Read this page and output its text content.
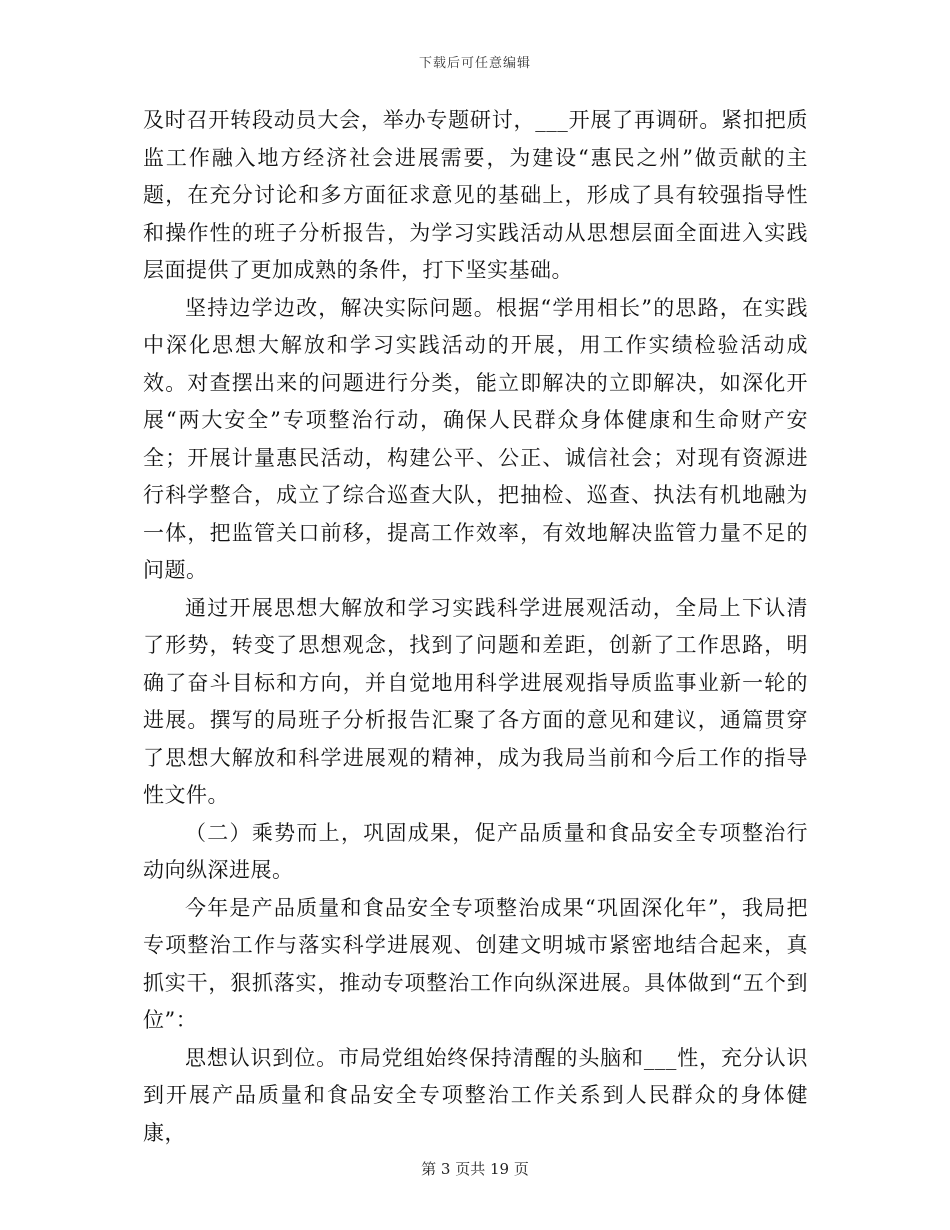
下载后可任意编辑

及时召开转段动员大会，举办专题研讨，___开展了再调研。紧扣把质监工作融入地方经济社会进展需要，为建设“惠民之州”做贡献的主题，在充分讨论和多方面征求意见的基础上，形成了具有较强指导性和操作性的班子分析报告，为学习实践活动从思想层面全面进入实践层面提供了更加成熟的条件，打下坚实基础。

坚持边学边改，解决实际问题。根据“学用相长”的思路，在实践中深化思想大解放和学习实践活动的开展，用工作实绩检验活动成效。对查摆出来的问题进行分类，能立即解决的立即解决，如深化开展“两大安全”专项整治行动，确保人民群众身体健康和生命财产安全；开展计量惠民活动，构建公平、公正、诚信社会；对现有资源进行科学整合，成立了综合巡查大队，把抽检、巡查、执法有机地融为一体，把监管关口前移，提高工作效率，有效地解决监管力量不足的问题。

通过开展思想大解放和学习实践科学进展观活动，全局上下认清了形势，转变了思想观念，找到了问题和差距，创新了工作思路，明确了奋斗目标和方向，并自觉地用科学进展观指导质监事业新一轮的进展。撰写的局班子分析报告汇聚了各方面的意见和建议，通篇贯穿了思想大解放和科学进展观的精神，成为我局当前和今后工作的指导性文件。

（二）乘势而上，巩固成果，促产品质量和食品安全专项整治行动向纵深进展。

今年是产品质量和食品安全专项整治成果“巩固深化年”，我局把专项整治工作与落实科学进展观、创建文明城市紧密地结合起来，真抓实干，狠抓落实，推动专项整治工作向纵深进展。具体做到“五个到位”：

思想认识到位。市局党组始终保持清醒的头脑和___性，充分认识到开展产品质量和食品安全专项整治工作关系到人民群众的身体健康，

第 3 页共 19 页
